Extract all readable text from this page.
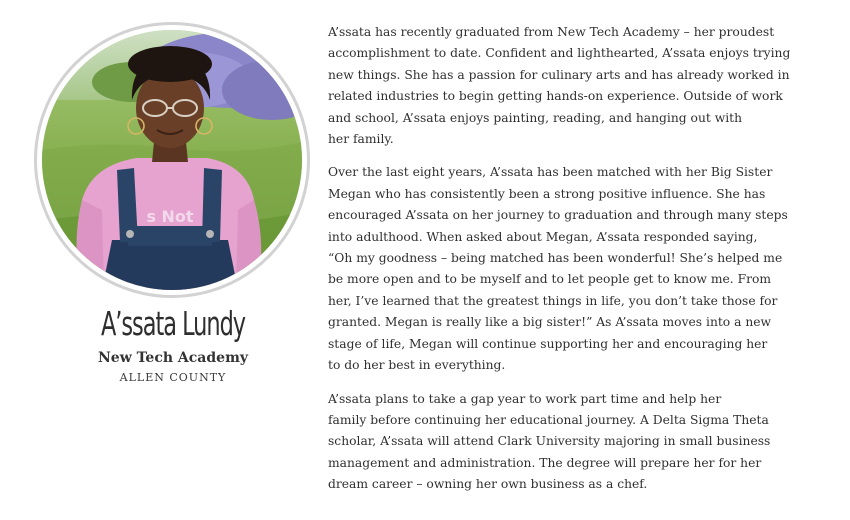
s Not
A’ssata Lundy
New Tech Academy
ALLEN COUNTY

A’ssata has recently graduated from New Tech Academy – her proudest
accomplishment to date. Confident and lighthearted, A’ssata enjoys trying
new things. She has a passion for culinary arts and has already worked in
related industries to begin getting hands-on experience. Outside of work
and school, A’ssata enjoys painting, reading, and hanging out with
her family.

Over the last eight years, A’ssata has been matched with her Big Sister
Megan who has consistently been a strong positive influence. She has
encouraged A’ssata on her journey to graduation and through many steps
into adulthood. When asked about Megan, A’ssata responded saying,
“Oh my goodness – being matched has been wonderful! She’s helped me
be more open and to be myself and to let people get to know me. From
her, I’ve learned that the greatest things in life, you don’t take those for
granted. Megan is really like a big sister!” As A’ssata moves into a new
stage of life, Megan will continue supporting her and encouraging her
to do her best in everything.

A’ssata plans to take a gap year to work part time and help her
family before continuing her educational journey. A Delta Sigma Theta
scholar, A’ssata will attend Clark University majoring in small business
management and administration. The degree will prepare her for her
dream career – owning her own business as a chef.
